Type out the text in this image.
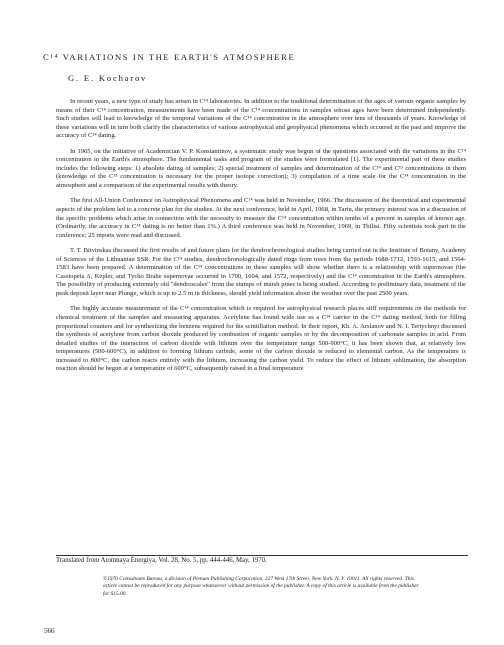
C¹⁴ VARIATIONS IN THE EARTH'S ATMOSPHERE
G. E. Kocharov

In recent years, a new type of study has arisen in C¹⁴ laboratories. In addition to the traditional determination of the ages of various organic samples by means of their C¹⁴ concentration, measurements have been made of the C¹⁴ concentrations in samples whose ages have been determined independently. Such studies will lead to knowledge of the temporal variations of the C¹⁴ concentration in the atmosphere over tens of thousands of years. Knowledge of these variations will in turn both clarify the characteristics of various astrophysical and geophysical phenomena which occurred in the past and improve the accuracy of C¹⁴ dating.

In 1965, on the initiative of Academician V. P. Konstantinov, a systematic study was begun of the questions associated with the variations in the C¹⁴ concentration in the Earth's atmosphere. The fundamental tasks and program of the studies were formulated [1]. The experimental part of these studies includes the following steps: 1) absolute dating of samples; 2) special treatment of samples and determination of the C¹⁴ and C¹³ concentrations in them (knowledge of the C¹³ concentration is necessary for the proper isotope correction); 3) compilation of a time scale for the C¹⁴ concentration in the atmosphere and a comparison of the experimental results with theory.

The first All-Union Conference on Astrophysical Phenomena and C¹⁴ was held in November, 1966. The discussion of the theoretical and experimental aspects of the problem led to a concrete plan for the studies. At the next conference, held in April, 1968, in Tartu, the primary interest was in a discussion of the specific problems which arise in connection with the necessity to measure the C¹⁴ concentration within tenths of a percent in samples of known age. (Ordinarily, the accuracy in C¹⁴ dating is no better than 1%.) A third conference was held in November, 1969, in Tbilisi. Fifty scientists took part in the conference; 25 reports were read and discussed.

T. T. Bitvinskas discussed the first results of and future plans for the dendrochronological studies being carried out in the Institute of Botany, Academy of Sciences of the Lithuanian SSR. For the C¹⁴ studies, dendrochronologically dated rings from trees from the periods 1688-1712, 1593-1615, and 1564-1583 have been prepared. A determination of the C¹⁴ concentrations in these samples will show whether there is a relationship with supernovae (the Cassiopeia A, Kepler, and Tycho Brahe supernovae occurred in 1700, 1604, and 1572, respectively) and the C¹⁴ concentration in the Earth's atmosphere. The possibility of producing extremely old "dendroscales" from the stumps of marsh pines is being studied. According to preliminary data, treatment of the peak deposit layer near Plunge, which is up to 2.5 m in thickness, should yield information about the weather over the past 2500 years.

The highly accurate measurement of the C¹⁴ concentration which is required for astrophysical research places stiff requirements on the methods for chemical treatment of the samples and measuring apparatus. Acetylene has found wide use as a C¹⁴ carrier in the C¹⁴ dating method, both for filling proportional counters and for synthesizing the benzene required for the scintillation method. In their report, Kh. A. Arslanov and N. I. Tertychnyi discussed the synthesis of acetylene from carbon dioxide produced by combustion of organic samples or by the decomposition of carbonate samples in acid. From detailed studies of the interaction of carbon dioxide with lithium over the temperature range 500-900°C, it has been shown that, at relatively low temperatures (500-600°C), in addition to forming lithium carbide, some of the carbon dioxide is reduced to elemental carbon. As the temperature is increased to 800°C, the carbon reacts entirely with the lithium, increasing the carbon yield. To reduce the effect of lithium sublimation, the absorption reaction should be begun at a temperature of 600°C, subsequently raised to a final temperature

Translated from Atomnaya Énergiya, Vol. 28, No. 5, pp. 444-446, May, 1970.
©1970 Consultants Bureau, a division of Plenum Publishing Corporation, 227 West 17th Street, New York, N. Y. 10011. All rights reserved. This article cannot be reproduced for any purpose whatsoever without permission of the publisher. A copy of this article is available from the publisher for $15.00.
566
